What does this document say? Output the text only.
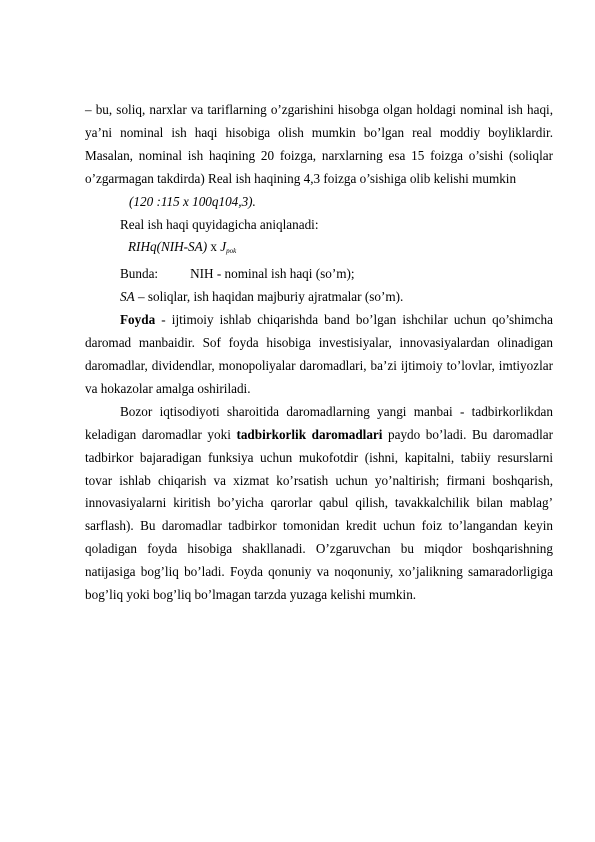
– bu, soliq, narxlar va tariflarning o’zgarishini hisobga olgan holdagi nominal ish haqi, ya’ni nominal ish haqi hisobiga olish mumkin bo’lgan real moddiy boyliklardir. Masalan, nominal ish haqining 20 foizga, narxlarning esa 15 foizga o’sishi (soliqlar o’zgarmagan takdirda) Real ish haqining 4,3 foizga o’sishiga olib kelishi mumkin

(120 :115 x 100q104,3).

Real ish haqi quyidagicha aniqlanadi:

RIHq(NIH-SA) x $J_{pok}$

Bunda: NIH - nominal ish haqi (so’m);

SA – soliqlar, ish haqidan majburiy ajratmalar (so’m).

Foyda - ijtimoiy ishlab chiqarishda band bo’lgan ishchilar uchun qo’shimcha daromad manbaidir. Sof foyda hisobiga investisiyalar, innovasiyalardan olinadigan daromadlar, dividendlar, monopoliyalar daromadlari, ba’zi ijtimoiy to’lovlar, imtiyozlar va hokazolar amalga oshiriladi.

Bozor iqtisodiyoti sharoitida daromadlarning yangi manbai - tadbirkorlikdan keladigan daromadlar yoki tadbirkorlik daromadlari paydo bo’ladi. Bu daromadlar tadbirkor bajaradigan funksiya uchun mukofotdir (ishni, kapitalni, tabiiy resurslarni tovar ishlab chiqarish va xizmat ko’rsatish uchun yo’naltirish; firmani boshqarish, innovasiyalarni kiritish bo’yicha qarorlar qabul qilish, tavakkalchilik bilan mablag’ sarflash). Bu daromadlar tadbirkor tomonidan kredit uchun foiz to’langandan keyin qoladigan foyda hisobiga shakllanadi. O’zgaruvchan bu miqdor boshqarishning natijasiga bog’liq bo’ladi. Foyda qonuniy va noqonuniy, xo’jalikning samaradorligiga bog’liq yoki bog’liq bo’lmagan tarzda yuzaga kelishi mumkin.
